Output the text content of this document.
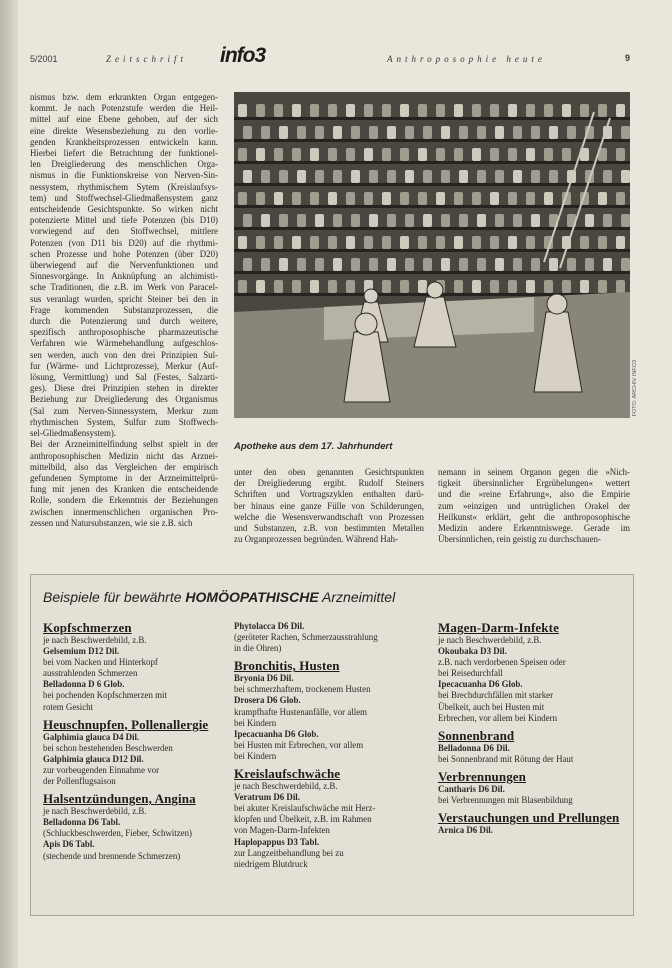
5/2001	Zeitschrift info3	Anthroposophie heute	9
nismus bzw. dem erkrankten Organ entgegen-
kommt. Je nach Potenzstufe werden die Heil-
mittel auf eine Ebene gehoben, auf der sich
eine direkte Wesensbeziehung zu den vorlie-
genden Krankheitsprozessen entwickeln kann.
Hierbei liefert die Betrachtung der funktionel-
len Dreigliederung des menschlichen Orga-
nismus in die Funktionskreise von Nerven-Sin-
nessystem, rhythmischem Sytem (Kreislaufsys-
tem) und Stoffwechsel-Gliedmaßensystem ganz
entscheidende Gesichtspunkte. So wirken nicht
potenzierte Mittel und tiefe Potenzen (bis D10)
vorwiegend auf den Stoffwechsel, mittlere
Potenzen (von D11 bis D20) auf die rhythmi-
schen Prozesse und hohe Potenzen (über D20)
überwiegend auf die Nervenfunktionen und
Sinnesvorgänge. In Anknüpfung an alchimisti-
sche Traditionen, die z.B. im Werk von Paracel-
sus veranlagt wurden, spricht Steiner bei den in
Frage kommenden Substanzprozessen, die
durch die Potenzierung und durch weitere,
spezifisch anthroposophische pharmazeutische
Verfahren wie Wärmebehandlung aufgeschlos-
sen werden, auch von den drei Prinzipien Sul-
fur (Wärme- und Lichtprozesse), Merkur (Auf-
lösung, Vermittlung) und Sal (Festes, Salzarti-
ges). Diese drei Prinzipien stehen in direkter
Beziehung zur Dreigliederung des Organismus
(Sal zum Nerven-Sinnessystem, Merkur zum
rhythmischen System, Sulfur zum Stoffwech-
sel-Gliedmaßensystem).
Bei der Arzneimittelfindung selbst spielt in der
anthroposophischen Medizin nicht das Arznei-
mittelbild, also das Vergleichen der empirisch
gefundenen Symptome in der Arzneimittelprü-
fung mit jenen des Kranken die entscheidende
Rolle, sondern die Erkenntnis der Beziehungen
zwischen innermenschlichen organischen Pro-
zessen und Natursubstanzen, wie sie z.B. sich
FOTO: ARCHIV INFO3
Apotheke aus dem 17. Jahrhundert
unter den oben genannten Gesichtspunkten
der Dreigliederung ergibt. Rudolf Steiners
Schriften und Vortragszyklen enthalten darü-
ber hinaus eine ganze Fülle von Schilderungen,
welche die Wesensverwandtschaft von Prozessen
und Substanzen, z.B. von bestimmten Metallen
zu Organprozessen begründen. Während Hah-
nemann in seinem Organon gegen die »Nich-
tigkeit übersinnlicher Ergrübelungen« wettert
und die »reine Erfahrung«, also die Empirie
zum »einzigen und untrüglichen Orakel der
Heilkunst« erklärt, geht die anthroposophische
Medizin andere Erkenntniswege. Gerade im
Übersinnlichen, rein geistig zu durchschauen-
Beispiele für bewährte HOMÖOPATHISCHE Arzneimittel
Kopfschmerzen
je nach Beschwerdebild, z.B.
Gelsemium D12 Dil.
bei vom Nacken und Hinterkopf
ausstrahlenden Schmerzen
Belladonna D 6 Glob.
bei pochenden Kopfschmerzen mit
rotem Gesicht
Heuschnupfen, Pollenallergie
Galphimia glauca D4 Dil.
bei schon bestehenden Beschwerden
Galphimia glauca D12 Dil.
zur vorbeugenden Einnahme vor
der Pollenflugsaison
Halsentzündungen, Angina
je nach Beschwerdebild, z.B.
Belladonna D6 Tabl.
(Schluckbeschwerden, Fieber, Schwitzen)
Apis D6 Tabl.
(stechende und brennende Schmerzen)
Phytolacca D6 Dil.
(geröteter Rachen, Schmerzausstrahlung
in die Ohren)
Bronchitis, Husten
Bryonia D6 Dil.
bei schmerzhaftem, trockenem Husten
Drosera D6 Glob.
krampfhafte Hustenanfälle, vor allem
bei Kindern
Ipecacuanha D6 Glob.
bei Husten mit Erbrechen, vor allem
bei Kindern
Kreislaufschwäche
je nach Beschwerdebild, z.B.
Veratrum D6 Dil.
bei akuter Kreislaufschwäche mit Herz-
klopfen und Übelkeit, z.B. im Rahmen
von Magen-Darm-Infekten
Haplopappus D3 Tabl.
zur Langzeitbehandlung bei zu
niedrigem Blutdruck
Magen-Darm-Infekte
je nach Beschwerdebild, z.B.
Okoubaka D3 Dil.
z.B. nach verdorbenen Speisen oder
bei Reisedurchfall
Ipecacuanha D6 Glob.
bei Brechdurchfällen mit starker
Übelkeit, auch bei Husten mit
Erbrechen, vor allem bei Kindern
Sonnenbrand
Belladonna D6 Dil.
bei Sonnenbrand mit Rötung der Haut
Verbrennungen
Cantharis D6 Dil.
bei Verbrennungen mit Blasenbildung
Verstauchungen und Prellungen
Arnica D6 Dil.
